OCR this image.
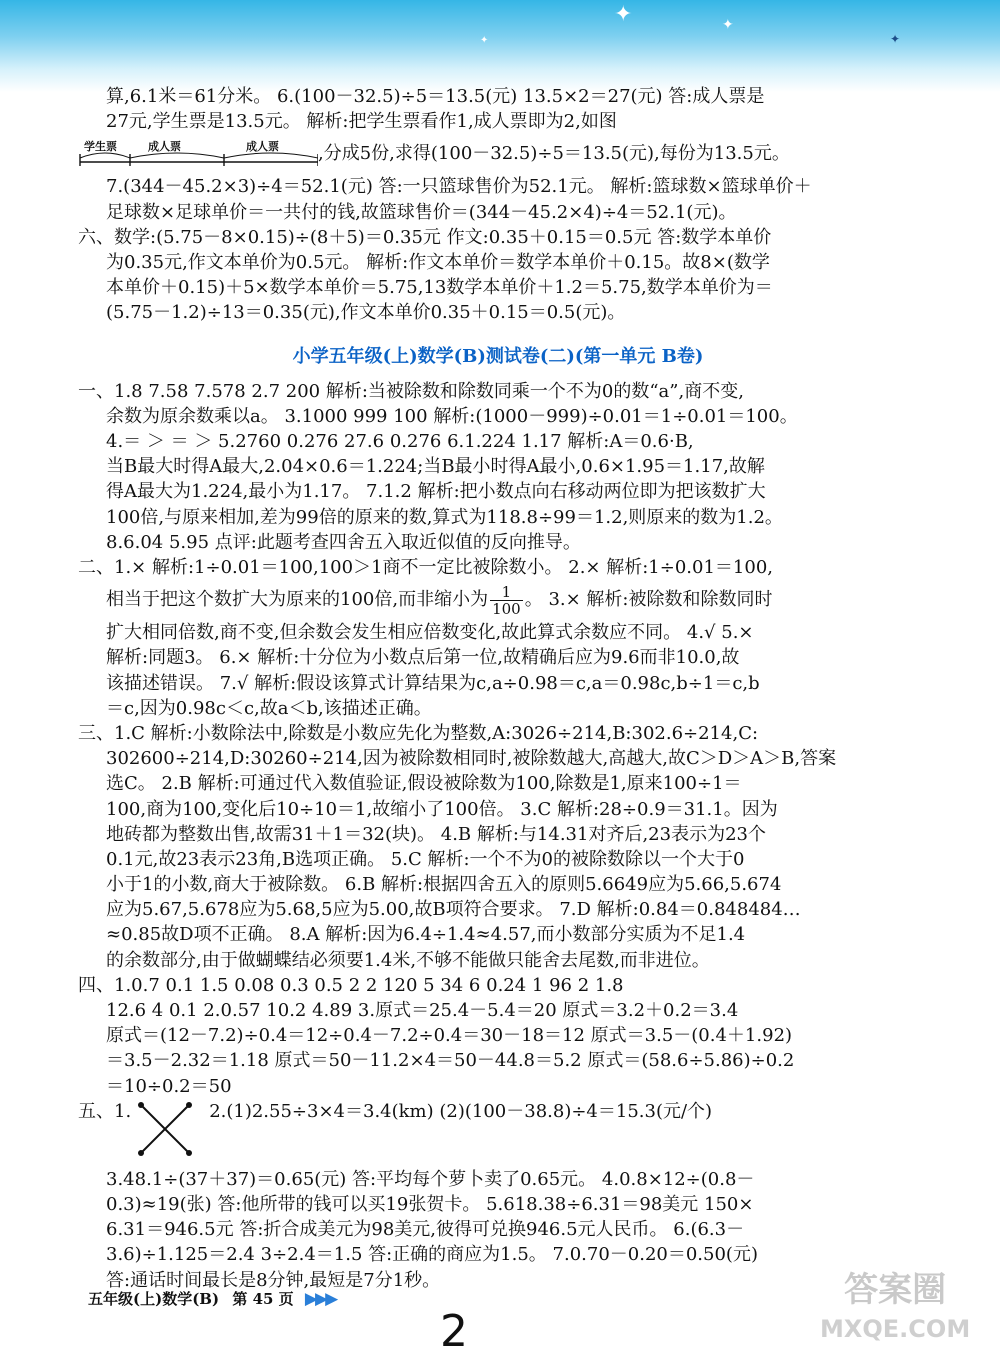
✦	✦
✦	✦
算,6.1米＝61分米。 6.(100－32.5)÷5＝13.5(元) 13.5×2＝27(元) 答:成人票是
27元,学生票是13.5元。 解析:把学生票看作1,成人票即为2,如图
学生票	成人票	成人票 ,分成5份,求得(100－32.5)÷5＝13.5(元),每份为13.5元。
7.(344－45.2×3)÷4＝52.1(元) 答:一只篮球售价为52.1元。 解析:篮球数×篮球单价＋
足球数×足球单价＝一共付的钱,故篮球售价＝(344－45.2×4)÷4＝52.1(元)。
六、数学:(5.75－8×0.15)÷(8＋5)＝0.35元 作文:0.35＋0.15＝0.5元 答:数学本单价
为0.35元,作文本单价为0.5元。 解析:作文本单价＝数学本单价＋0.15。故8×(数学
本单价＋0.15)＋5×数学本单价＝5.75,13数学本单价＋1.2＝5.75,数学本单价为＝
(5.75－1.2)÷13＝0.35(元),作文本单价0.35＋0.15＝0.5(元)。
小学五年级(上)数学(B)测试卷(二)(第一单元 B卷)
一、1.8 7.58 7.578 2.7 200 解析:当被除数和除数同乘一个不为0的数“a”,商不变,
余数为原余数乘以a。 3.1000 999 100 解析:(1000－999)÷0.01＝1÷0.01＝100。
4.＝ ＞ ＝ ＞ 5.2760 0.276 27.6 0.276 6.1.224 1.17 解析:A＝0.6·B,
当B最大时得A最大,2.04×0.6＝1.224;当B最小时得A最小,0.6×1.95＝1.17,故解
得A最大为1.224,最小为1.17。 7.1.2 解析:把小数点向右移动两位即为把该数扩大
100倍,与原来相加,差为99倍的原来的数,算式为118.8÷99＝1.2,则原来的数为1.2。
8.6.04 5.95 点评:此题考查四舍五入取近似值的反向推导。
二、1.× 解析:1÷0.01＝100,100＞1商不一定比被除数小。 2.× 解析:1÷0.01＝100,
相当于把这个数扩大为原来的100倍,而非缩小为 $\frac{1}{100}$ 。 3.× 解析:被除数和除数同时
扩大相同倍数,商不变,但余数会发生相应倍数变化,故此算式余数应不同。 4.√ 5.×
解析:同题3。 6.× 解析:十分位为小数点后第一位,故精确后应为9.6而非10.0,故
该描述错误。 7.√ 解析:假设该算式计算结果为c,a÷0.98＝c,a＝0.98c,b÷1＝c,b
＝c,因为0.98c＜c,故a＜b,该描述正确。
三、1.C 解析:小数除法中,除数是小数应先化为整数,A:3026÷214,B:302.6÷214,C:
302600÷214,D:30260÷214,因为被除数相同时,被除数越大,高越大,故C＞D＞A＞B,答案
选C。 2.B 解析:可通过代入数值验证,假设被除数为100,除数是1,原来100÷1＝
100,商为100,变化后10÷10＝1,故缩小了100倍。 3.C 解析:28÷0.9＝31.1。因为
地砖都为整数出售,故需31＋1＝32(块)。 4.B 解析:与14.31对齐后,23表示为23个
0.1元,故23表示23角,B选项正确。 5.C 解析:一个不为0的被除数除以一个大于0
小于1的小数,商大于被除数。 6.B 解析:根据四舍五入的原则5.6649应为5.66,5.674
应为5.67,5.678应为5.68,5应为5.00,故B项符合要求。 7.D 解析:0.84＝0.848484…
≈0.85故D项不正确。 8.A 解析:因为6.4÷1.4≈4.57,而小数部分实质为不足1.4
的余数部分,由于做蝴蝶结必须要1.4米,不够不能做只能舍去尾数,而非进位。
四、1.0.7 0.1 1.5 0.08 0.3 0.5 2 2 120 5 34 6 0.24 1 96 2 1.8
12.6 4 0.1 2.0.57 10.2 4.89 3.原式＝25.4－5.4＝20 原式＝3.2＋0.2＝3.4
原式＝(12－7.2)÷0.4＝12÷0.4－7.2÷0.4＝30－18＝12 原式＝3.5－(0.4＋1.92)
＝3.5－2.32＝1.18 原式＝50－11.2×4＝50－44.8＝5.2 原式＝(58.6÷5.86)÷0.2
＝10÷0.2＝50
五、1.	2.(1)2.55÷3×4＝3.4(km) (2)(100－38.8)÷4＝15.3(元/个)
3.48.1÷(37＋37)＝0.65(元) 答:平均每个萝卜卖了0.65元。 4.0.8×12÷(0.8－
0.3)≈19(张) 答:他所带的钱可以买19张贺卡。 5.618.38÷6.31＝98美元 150×
6.31＝946.5元 答:折合成美元为98美元,彼得可兑换946.5元人民币。 6.(6.3－
3.6)÷1.125＝2.4 3÷2.4＝1.5 答:正确的商应为1.5。 7.0.70－0.20＝0.50(元)
答:通话时间最长是8分钟,最短是7分1秒。
五年级(上)数学(B) 第 45 页 ▶▶▶
2
答案圈
MXQE.COM
